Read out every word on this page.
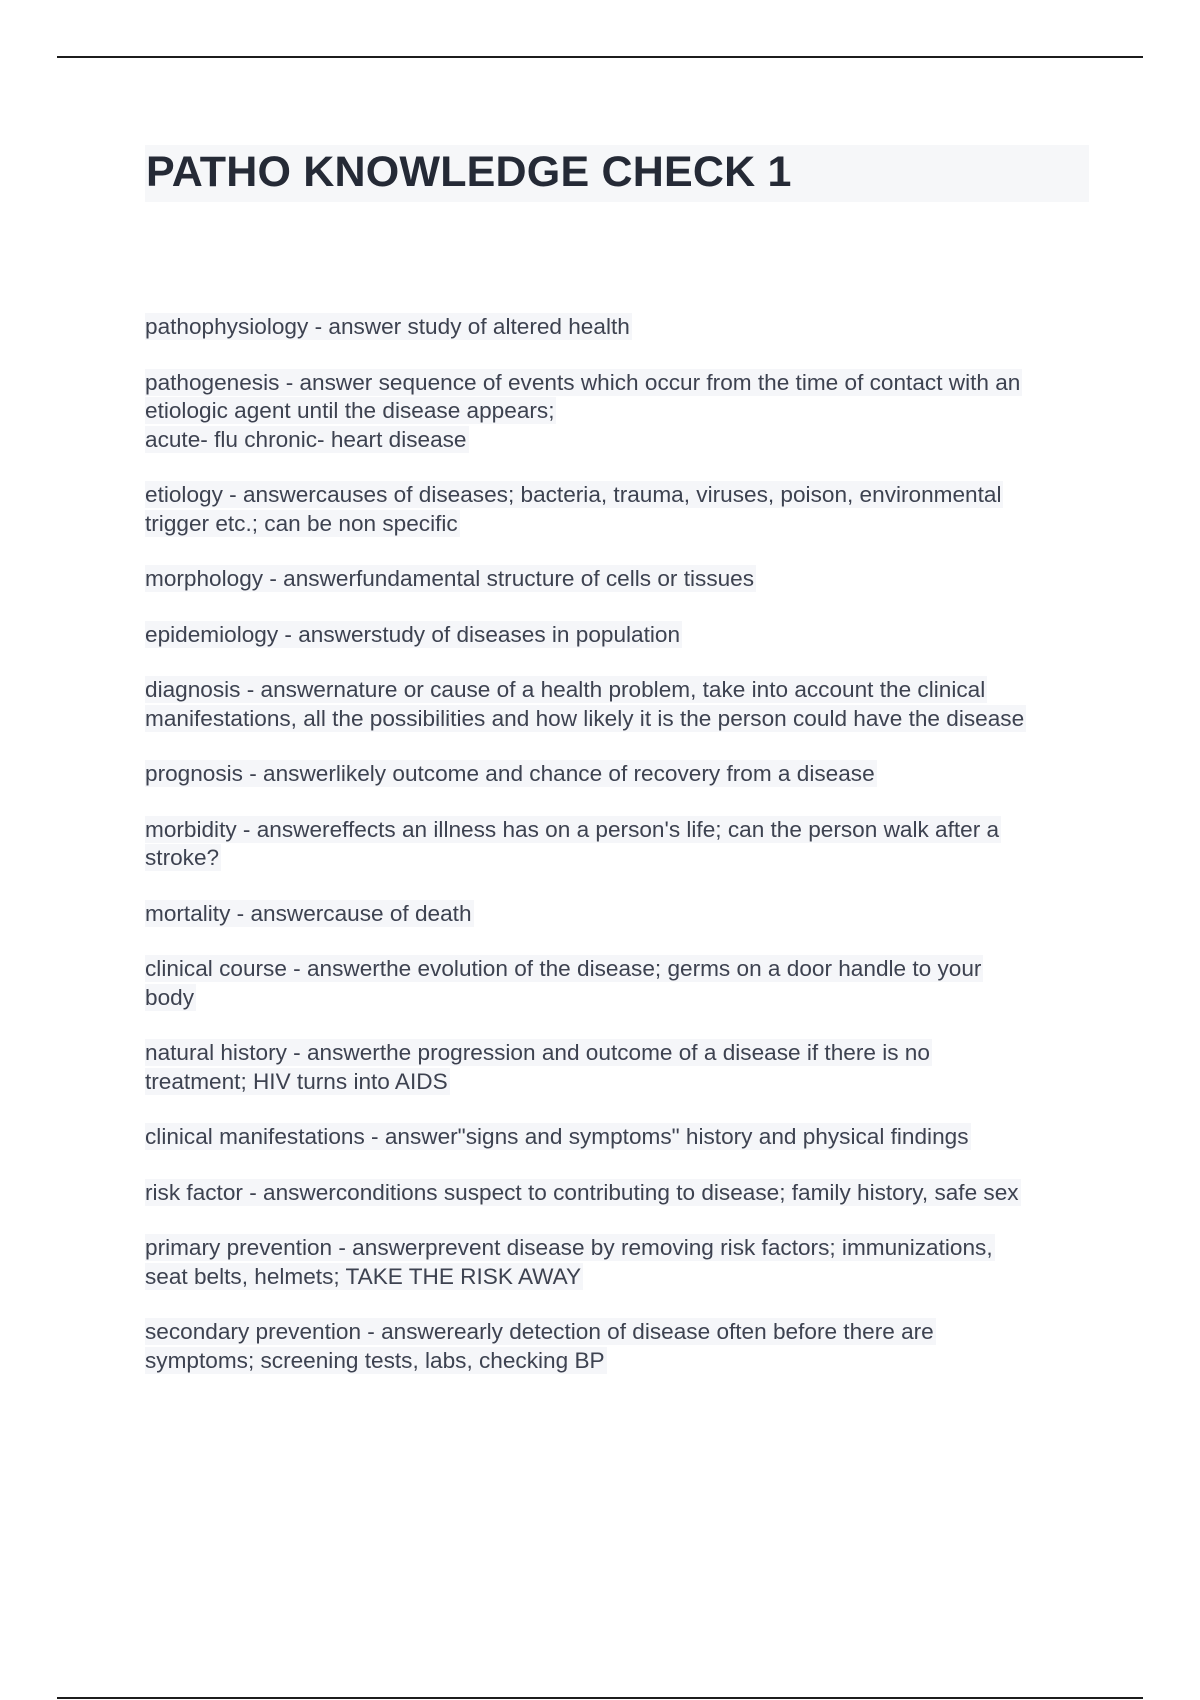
PATHO KNOWLEDGE CHECK 1

pathophysiology - answer study of altered health

pathogenesis - answer sequence of events which occur from the time of contact with an
etiologic agent until the disease appears;
acute- flu chronic- heart disease

etiology - answercauses of diseases; bacteria, trauma, viruses, poison, environmental
trigger etc.; can be non specific

morphology - answerfundamental structure of cells or tissues

epidemiology - answerstudy of diseases in population

diagnosis - answernature or cause of a health problem, take into account the clinical
manifestations, all the possibilities and how likely it is the person could have the disease

prognosis - answerlikely outcome and chance of recovery from a disease

morbidity - answereffects an illness has on a person's life; can the person walk after a
stroke?

mortality - answercause of death

clinical course - answerthe evolution of the disease; germs on a door handle to your
body

natural history - answerthe progression and outcome of a disease if there is no
treatment; HIV turns into AIDS

clinical manifestations - answer"signs and symptoms" history and physical findings

risk factor - answerconditions suspect to contributing to disease; family history, safe sex

primary prevention - answerprevent disease by removing risk factors; immunizations,
seat belts, helmets; TAKE THE RISK AWAY

secondary prevention - answerearly detection of disease often before there are
symptoms; screening tests, labs, checking BP
